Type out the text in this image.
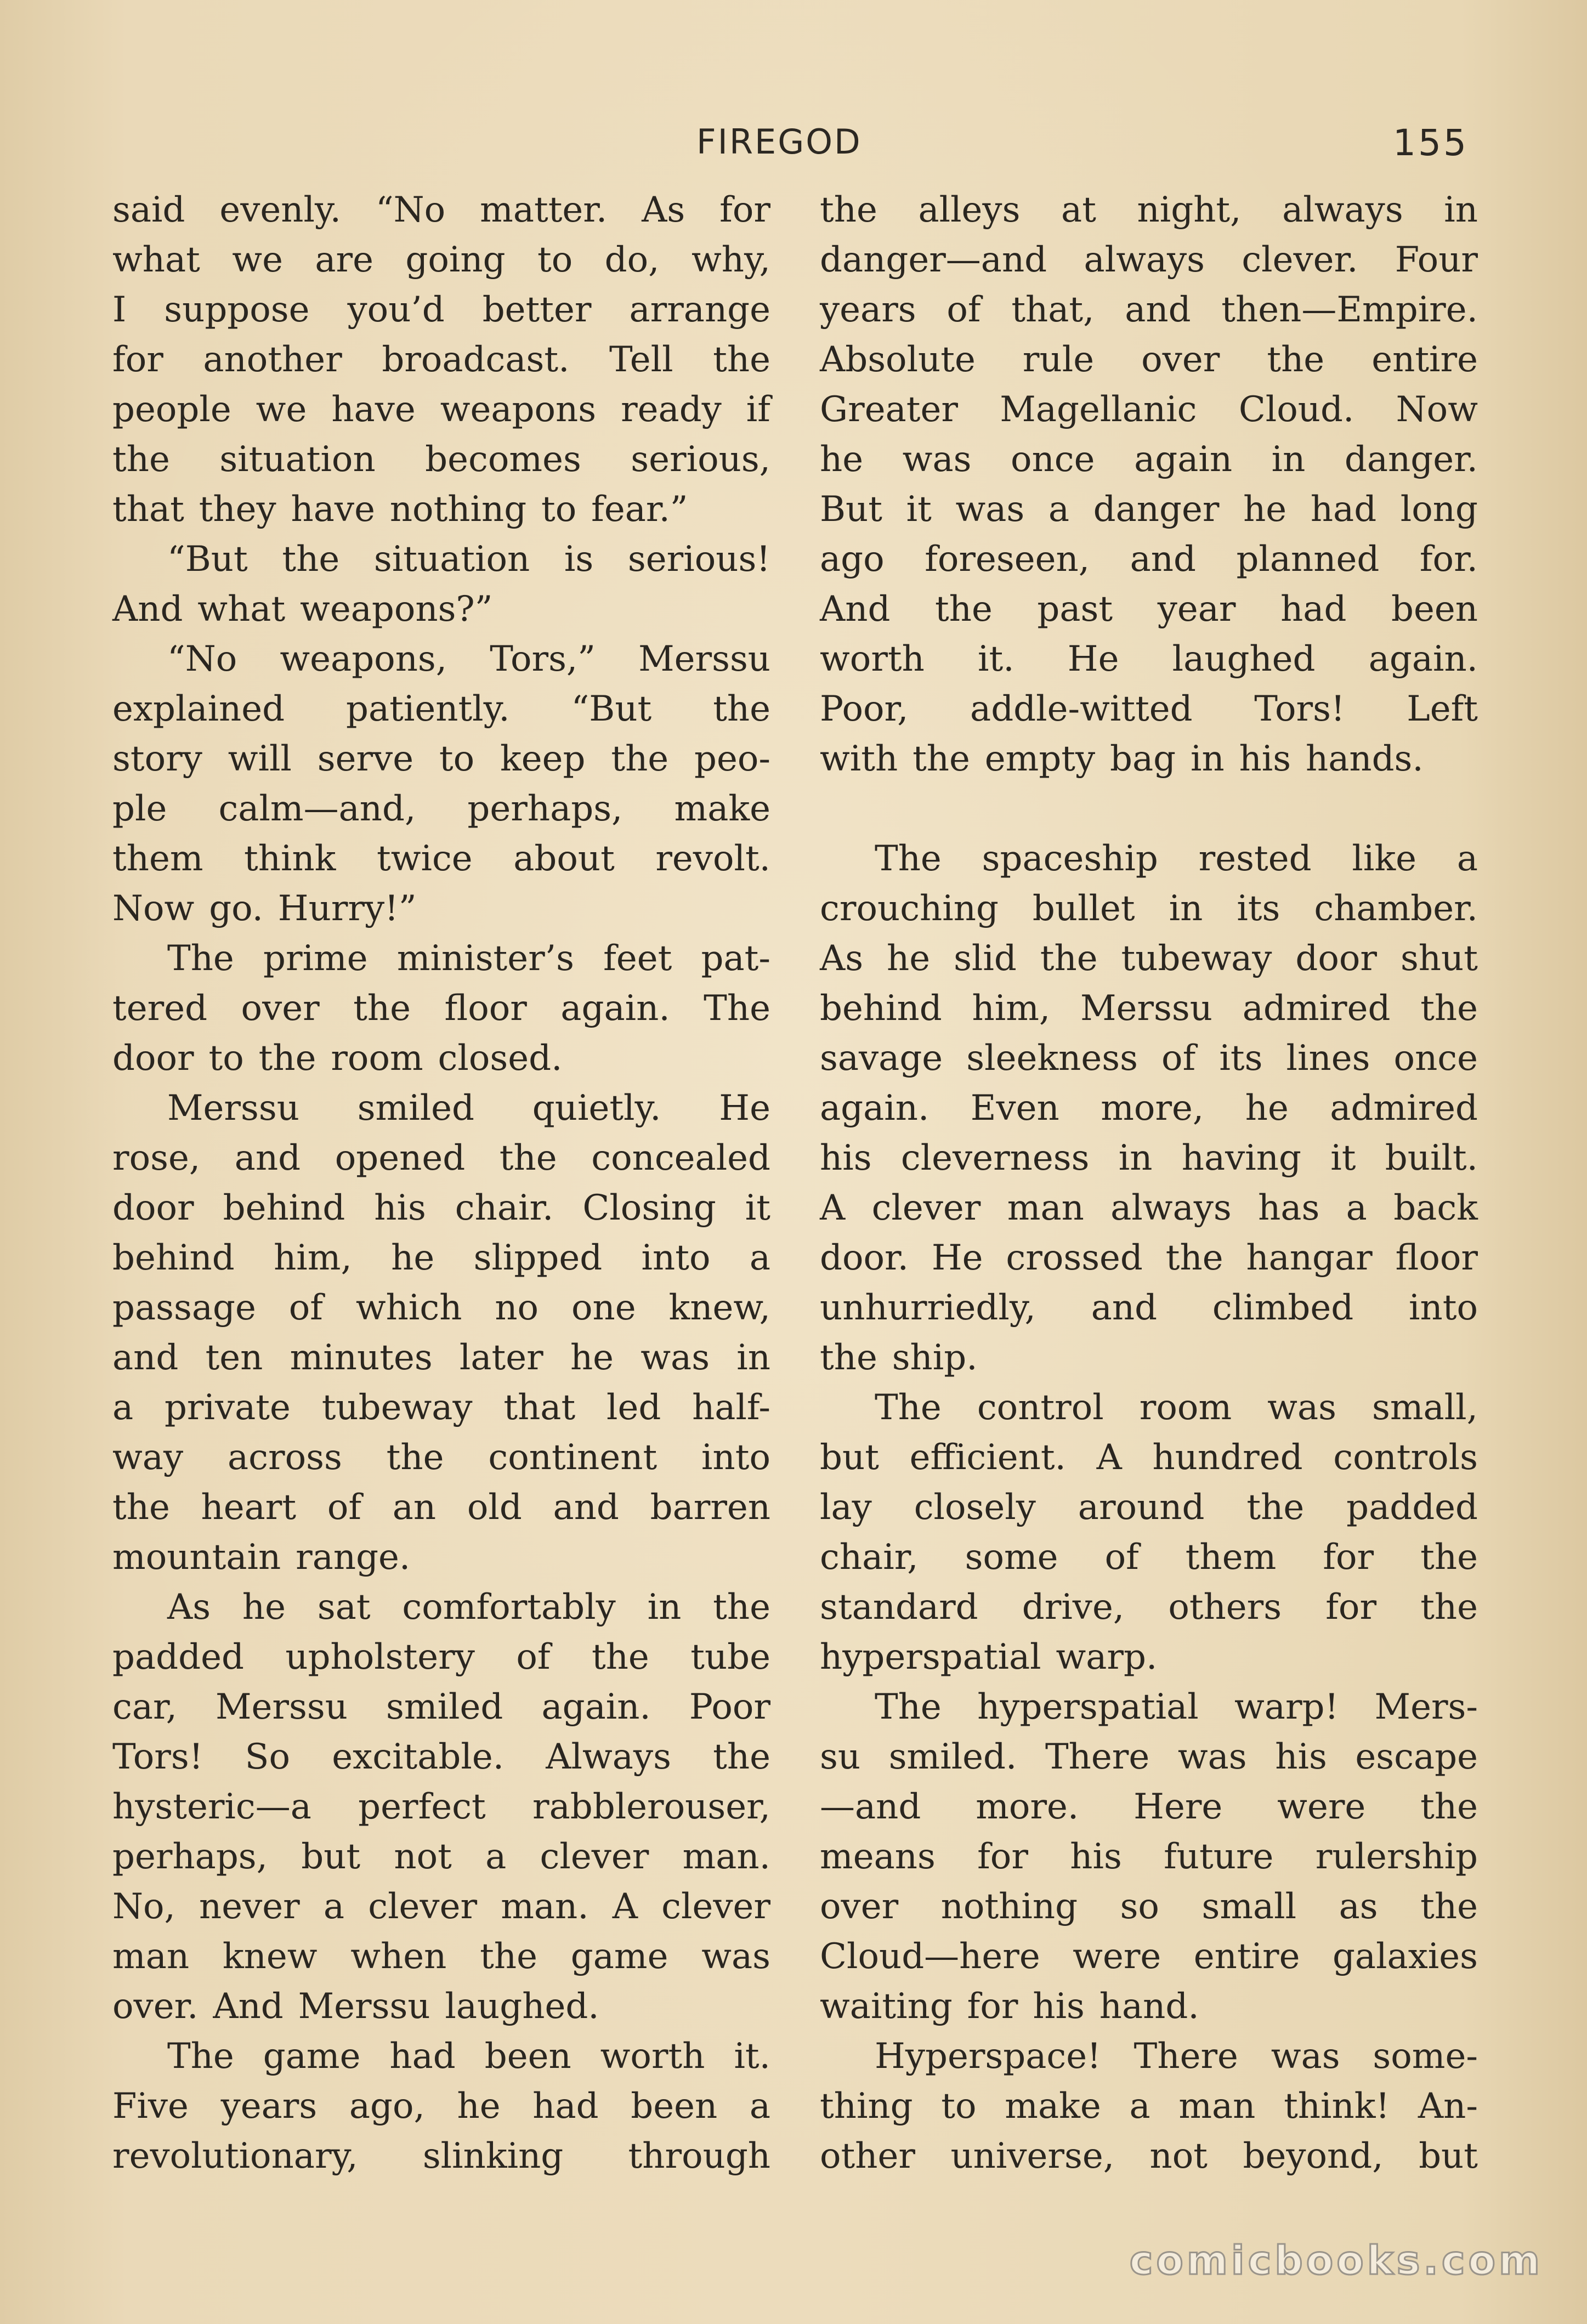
FIREGOD	155
said evenly. “No matter. As for
what we are going to do, why,
I suppose you’d better arrange
for another broadcast. Tell the
people we have weapons ready if
the situation becomes serious,
that they have nothing to fear.”
“But the situation is serious!
And what weapons?”
“No weapons, Tors,” Merssu
explained patiently. “But the
story will serve to keep the peo-
ple calm—and, perhaps, make
them think twice about revolt.
Now go. Hurry!”
The prime minister’s feet pat-
tered over the floor again. The
door to the room closed.
Merssu smiled quietly. He
rose, and opened the concealed
door behind his chair. Closing it
behind him, he slipped into a
passage of which no one knew,
and ten minutes later he was in
a private tubeway that led half-
way across the continent into
the heart of an old and barren
mountain range.
As he sat comfortably in the
padded upholstery of the tube
car, Merssu smiled again. Poor
Tors! So excitable. Always the
hysteric—a perfect rabblerouser,
perhaps, but not a clever man.
No, never a clever man. A clever
man knew when the game was
over. And Merssu laughed.
The game had been worth it.
Five years ago, he had been a
revolutionary, slinking through
the alleys at night, always in
danger—and always clever. Four
years of that, and then—Empire.
Absolute rule over the entire
Greater Magellanic Cloud. Now
he was once again in danger.
But it was a danger he had long
ago foreseen, and planned for.
And the past year had been
worth it. He laughed again.
Poor, addle-witted Tors! Left
with the empty bag in his hands.
The spaceship rested like a
crouching bullet in its chamber.
As he slid the tubeway door shut
behind him, Merssu admired the
savage sleekness of its lines once
again. Even more, he admired
his cleverness in having it built.
A clever man always has a back
door. He crossed the hangar floor
unhurriedly, and climbed into
the ship.
The control room was small,
but efficient. A hundred controls
lay closely around the padded
chair, some of them for the
standard drive, others for the
hyperspatial warp.
The hyperspatial warp! Mers-
su smiled. There was his escape
—and more. Here were the
means for his future rulership
over nothing so small as the
Cloud—here were entire galaxies
waiting for his hand.
Hyperspace! There was some-
thing to make a man think! An-
other universe, not beyond, but
comicbooks.com
